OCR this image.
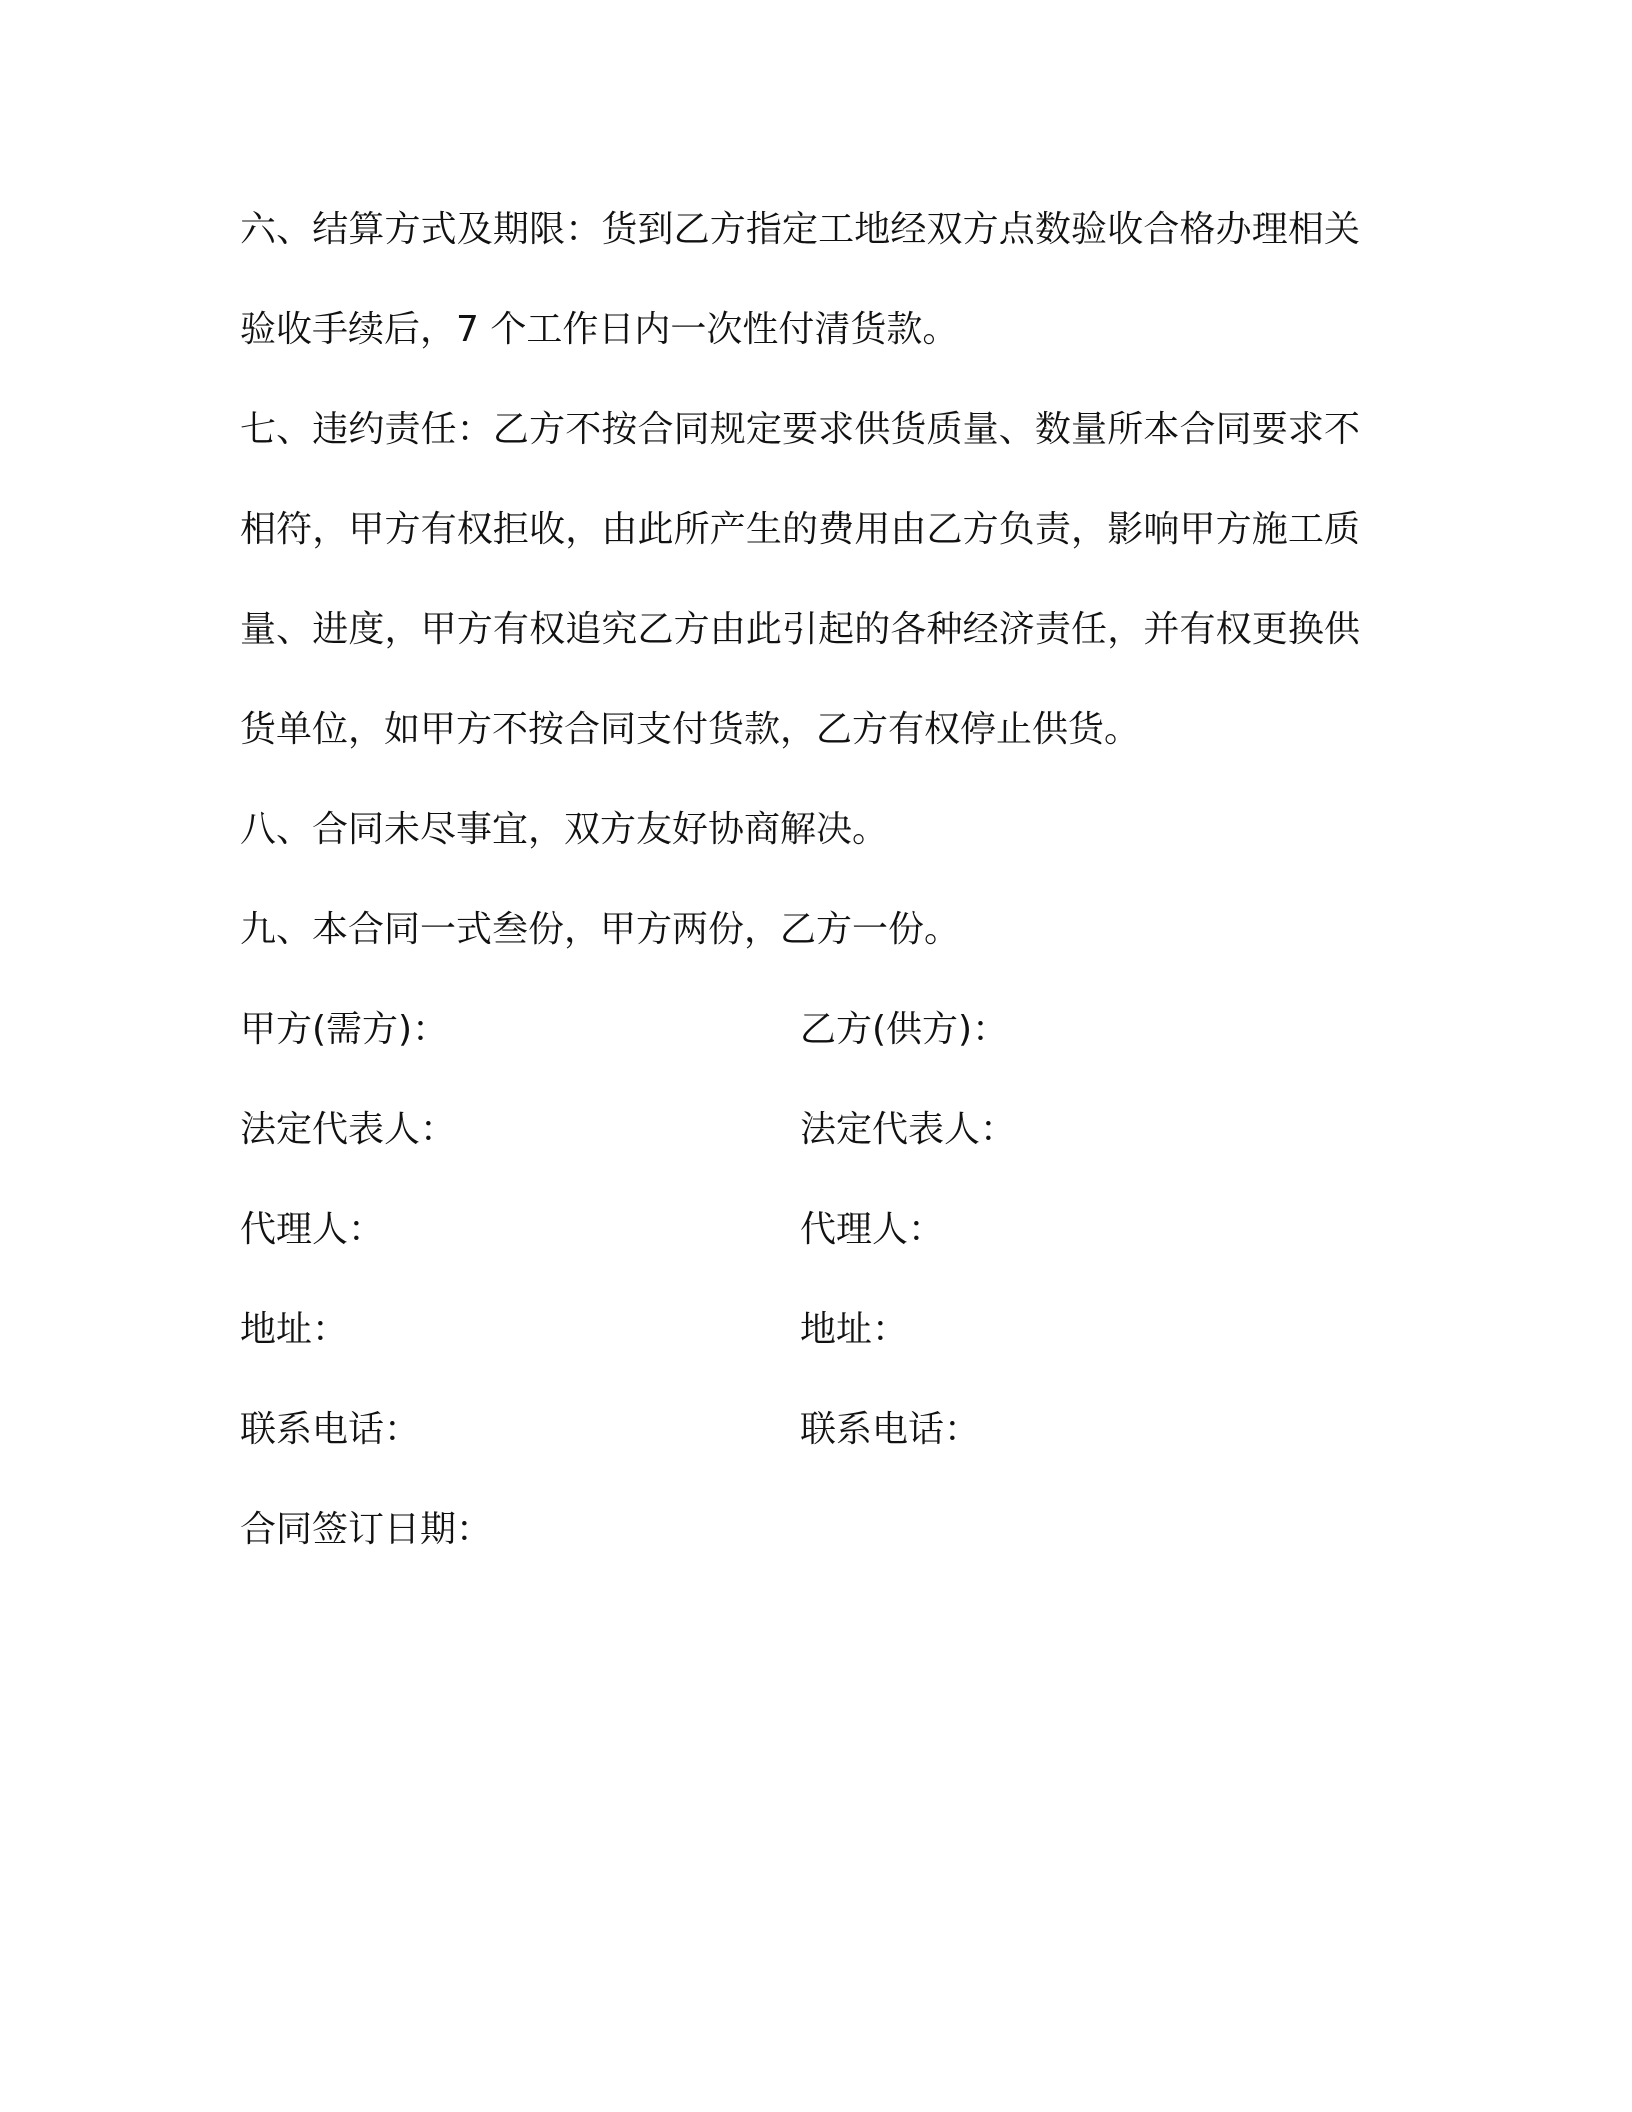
六、结算方式及期限：货到乙方指定工地经双方点数验收合格办理相关验收手续后，7 个工作日内一次性付清货款。

七、违约责任：乙方不按合同规定要求供货质量、数量所本合同要求不相符，甲方有权拒收，由此所产生的费用由乙方负责，影响甲方施工质量、进度，甲方有权追究乙方由此引起的各种经济责任，并有权更换供货单位，如甲方不按合同支付货款，乙方有权停止供货。

八、合同未尽事宜，双方友好协商解决。

九、本合同一式叁份，甲方两份，乙方一份。

甲方(需方)：	乙方(供方)：
法定代表人：	法定代表人：
代理人：	代理人：
地址：	地址：
联系电话：	联系电话：
合同签订日期：
